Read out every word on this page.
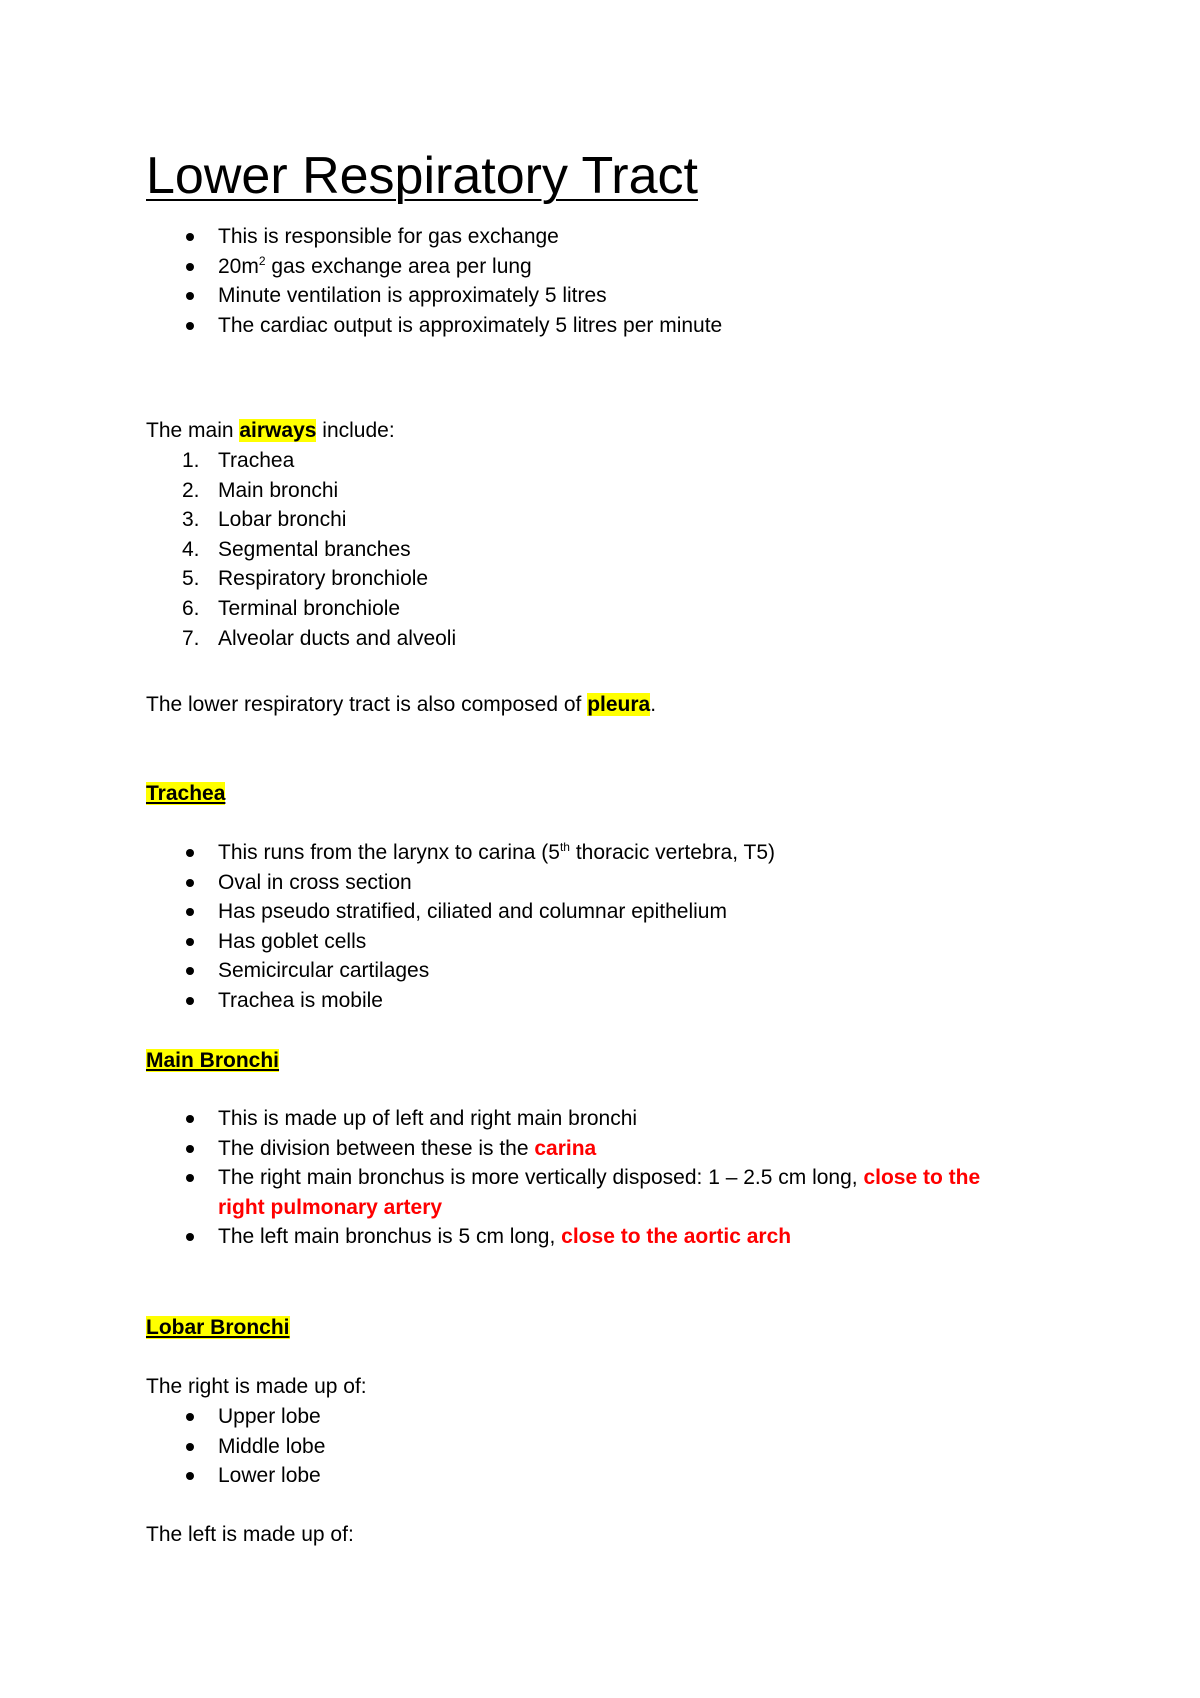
Lower Respiratory Tract
This is responsible for gas exchange
$20m^2$ gas exchange area per lung
Minute ventilation is approximately 5 litres
The cardiac output is approximately 5 litres per minute

The main airways include:

1. Trachea
2. Main bronchi
3. Lobar bronchi
4. Segmental branches
5. Respiratory bronchiole
6. Terminal bronchiole
7. Alveolar ducts and alveoli

The lower respiratory tract is also composed of pleura.

Trachea

This runs from the larynx to carina (5th thoracic vertebra, T5)
Oval in cross section
Has pseudo stratified, ciliated and columnar epithelium
Has goblet cells
Semicircular cartilages
Trachea is mobile

Main Bronchi

This is made up of left and right main bronchi
The division between these is the carina
The right main bronchus is more vertically disposed: 1 – 2.5 cm long, close to the right pulmonary artery
The left main bronchus is 5 cm long, close to the aortic arch

Lobar Bronchi

The right is made up of:

Upper lobe
Middle lobe
Lower lobe

The left is made up of:
